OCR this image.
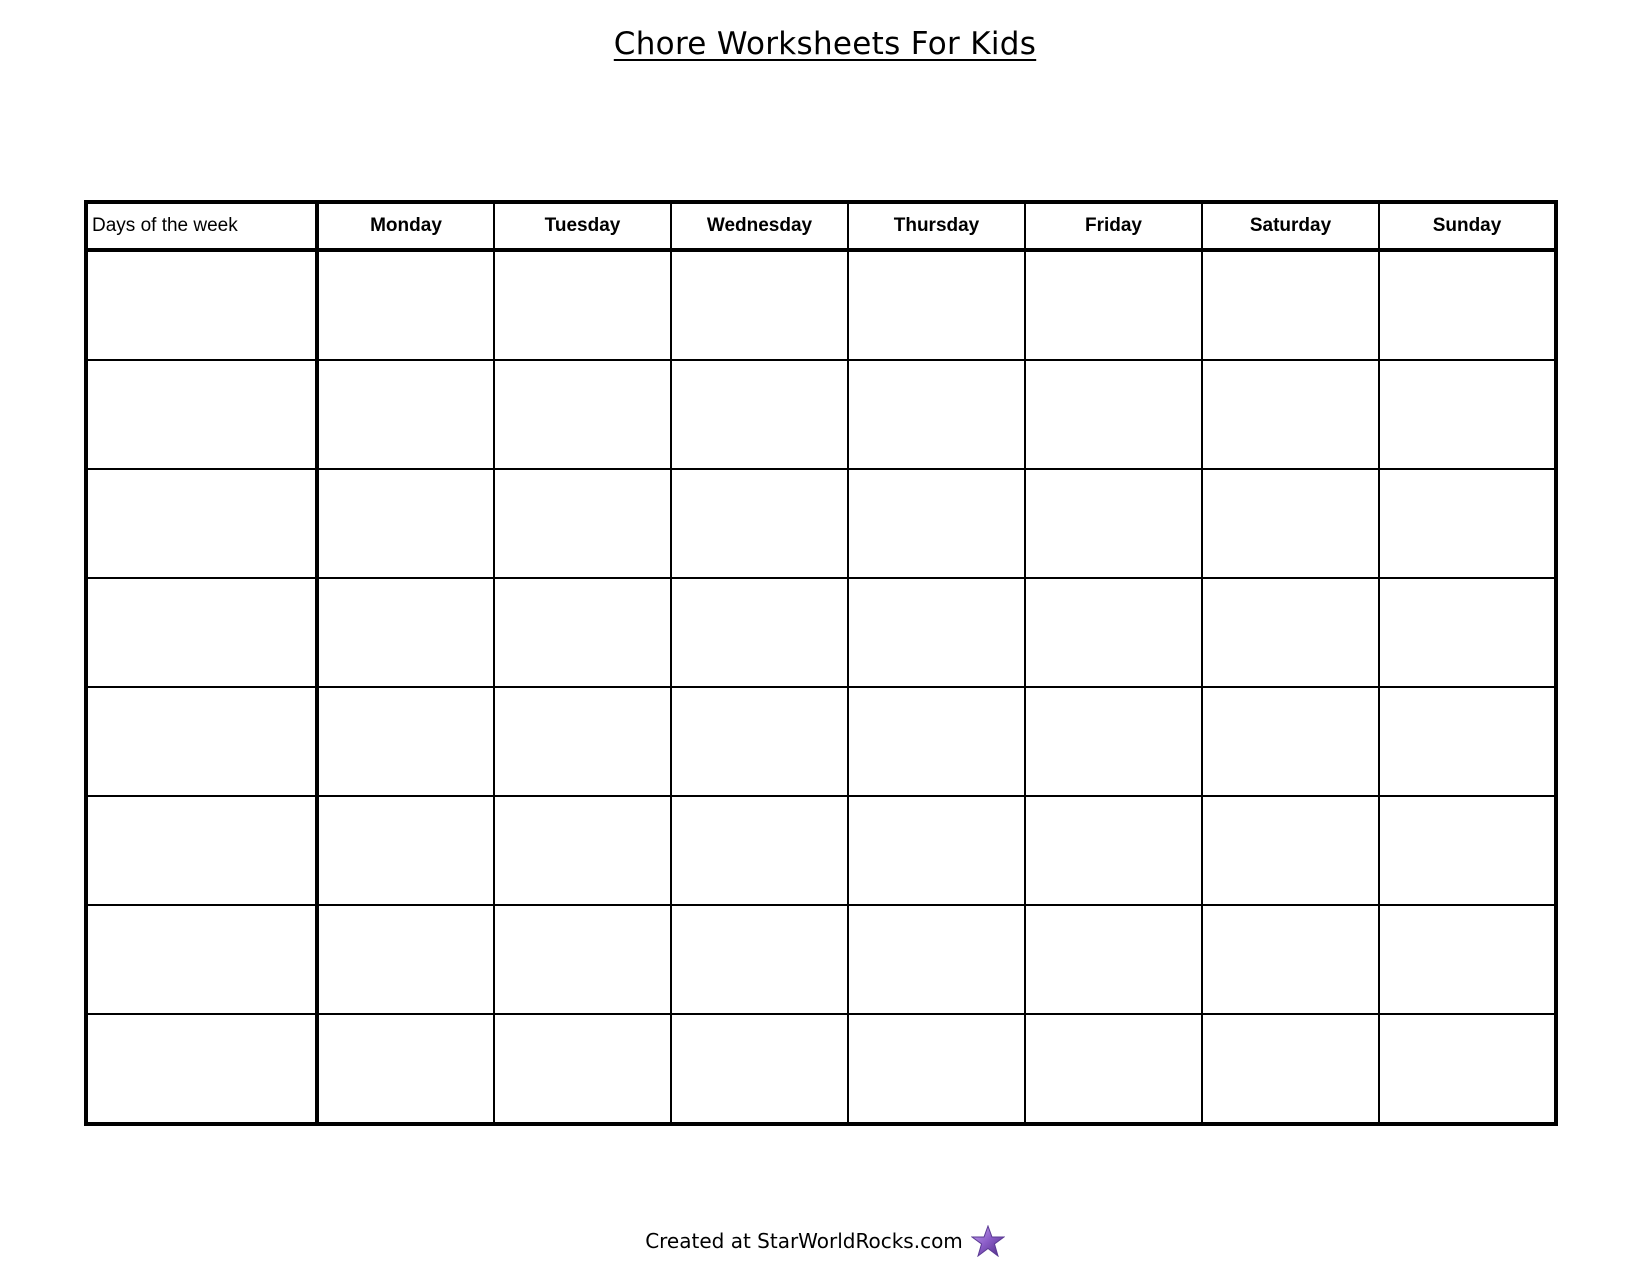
Chore Worksheets For Kids
Days of the week	Monday	Tuesday	Wednesday	Thursday	Friday	Saturday	Sunday

Created at StarWorldRocks.com
